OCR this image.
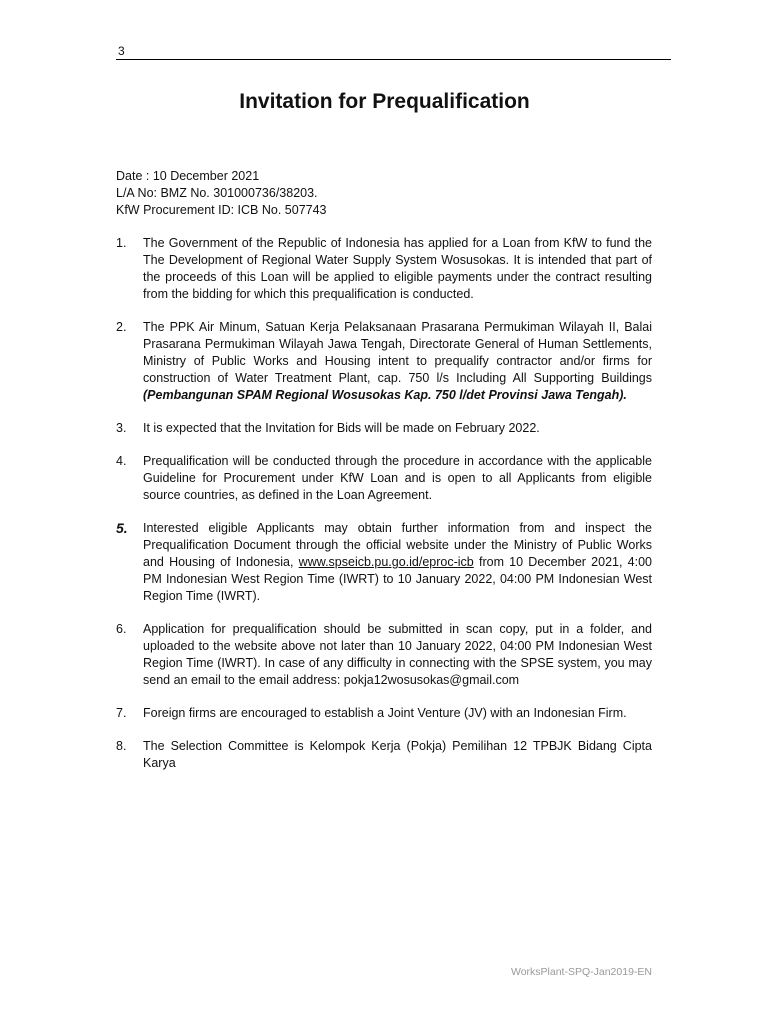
3
Invitation for Prequalification
Date : 10 December 2021
L/A No: BMZ No. 301000736/38203.
KfW Procurement ID: ICB No. 507743
1. The Government of the Republic of Indonesia has applied for a Loan from KfW to fund the The Development of Regional Water Supply System Wosusokas. It is intended that part of the proceeds of this Loan will be applied to eligible payments under the contract resulting from the bidding for which this prequalification is conducted.
2. The PPK Air Minum, Satuan Kerja Pelaksanaan Prasarana Permukiman Wilayah II, Balai Prasarana Permukiman Wilayah Jawa Tengah, Directorate General of Human Settlements, Ministry of Public Works and Housing intent to prequalify contractor and/or firms for construction of Water Treatment Plant, cap. 750 l/s Including All Supporting Buildings (Pembangunan SPAM Regional Wosusokas Kap. 750 l/det Provinsi Jawa Tengah).
3. It is expected that the Invitation for Bids will be made on February 2022.
4. Prequalification will be conducted through the procedure in accordance with the applicable Guideline for Procurement under KfW Loan and is open to all Applicants from eligible source countries, as defined in the Loan Agreement.
5. Interested eligible Applicants may obtain further information from and inspect the Prequalification Document through the official website under the Ministry of Public Works and Housing of Indonesia, www.spseicb.pu.go.id/eproc-icb from 10 December 2021, 4:00 PM Indonesian West Region Time (IWRT) to 10 January 2022, 04:00 PM Indonesian West Region Time (IWRT).
6. Application for prequalification should be submitted in scan copy, put in a folder, and uploaded to the website above not later than 10 January 2022, 04:00 PM Indonesian West Region Time (IWRT). In case of any difficulty in connecting with the SPSE system, you may send an email to the email address: pokja12wosusokas@gmail.com
7. Foreign firms are encouraged to establish a Joint Venture (JV) with an Indonesian Firm.
8. The Selection Committee is Kelompok Kerja (Pokja) Pemilihan 12 TPBJK Bidang Cipta Karya
WorksPlant-SPQ-Jan2019-EN
